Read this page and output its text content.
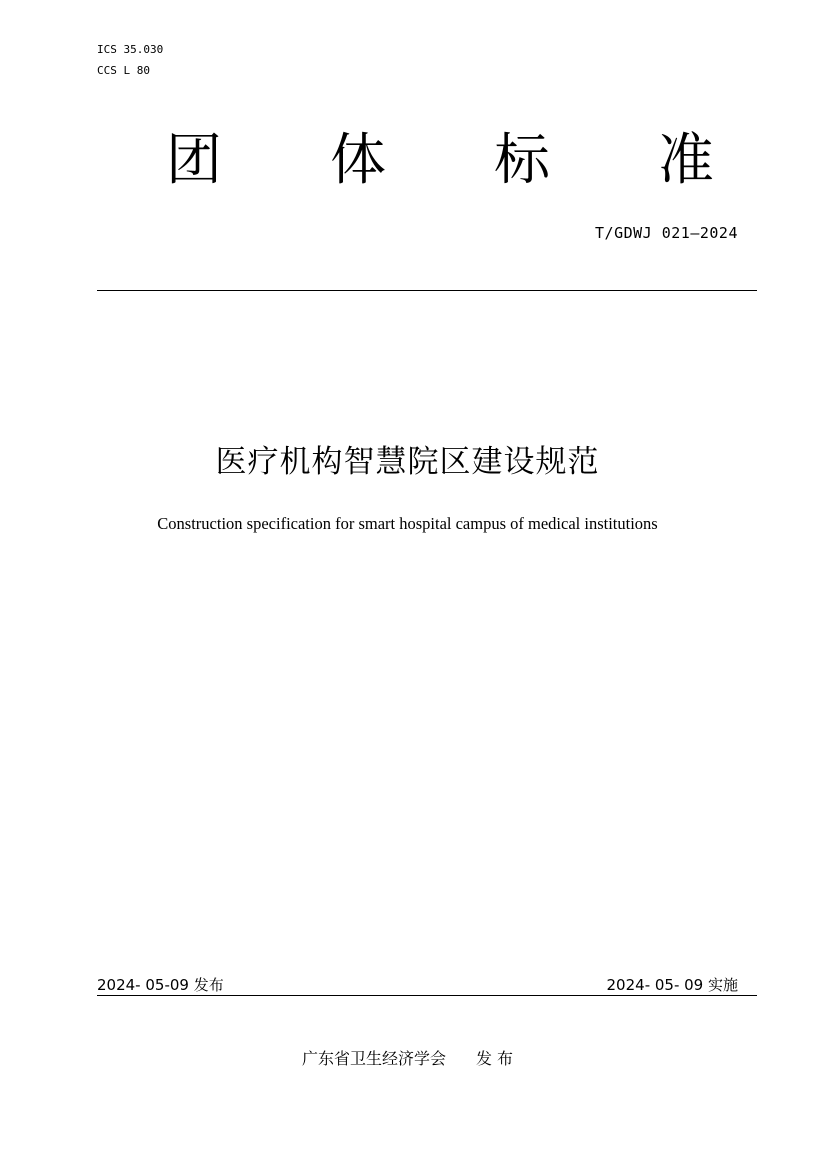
ICS 35.030
CCS L 80
团 体 标 准
T/GDWJ 021—2024
医疗机构智慧院区建设规范
Construction specification for smart hospital campus of medical institutions
2024- 05-09 发布	2024- 05- 09 实施
广东省卫生经济学会 发 布
